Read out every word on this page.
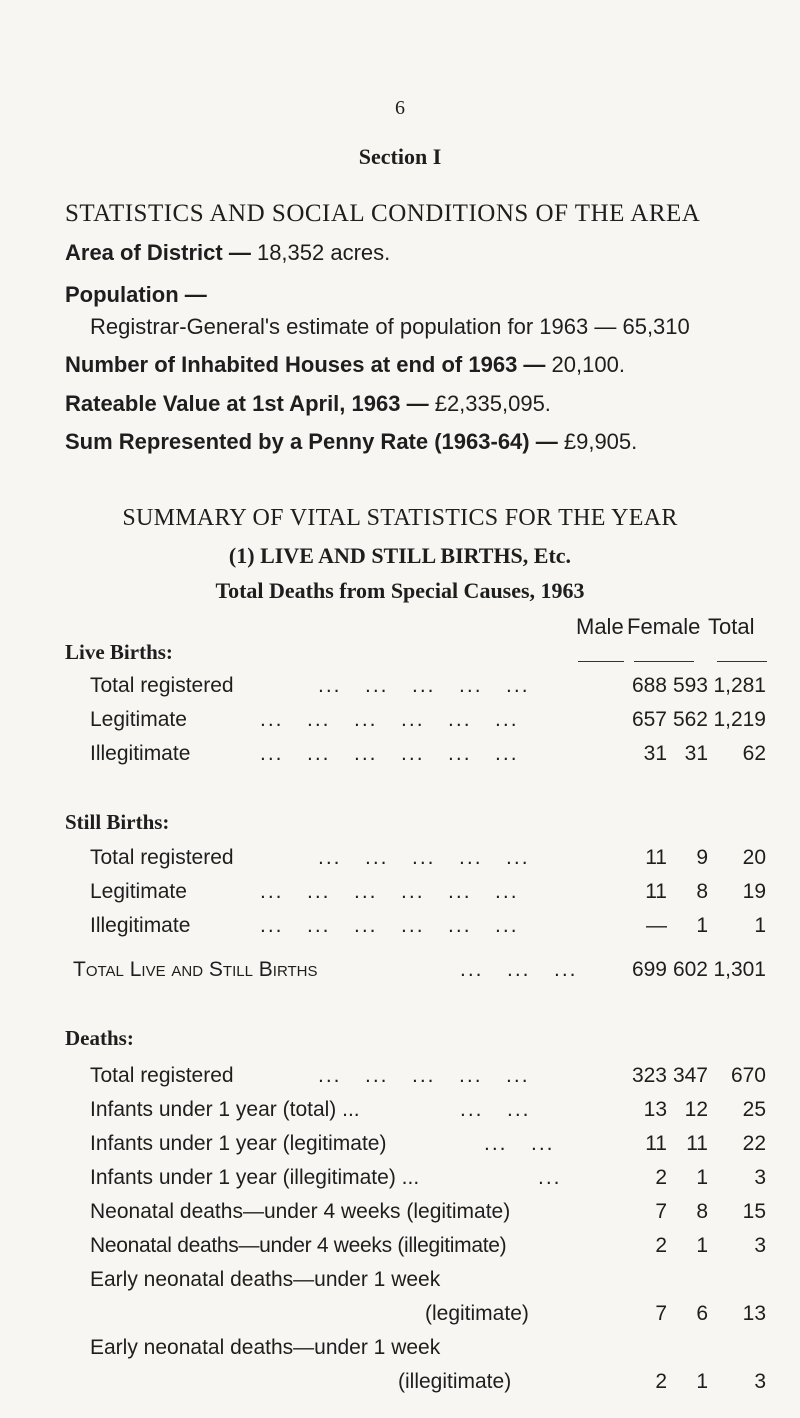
6
Section I
STATISTICS AND SOCIAL CONDITIONS OF THE AREA
Area of District — 18,352 acres.
Population —
Registrar-General's estimate of population for 1963 — 65,310
Number of Inhabited Houses at end of 1963 — 20,100.
Rateable Value at 1st April, 1963 — £2,335,095.
Sum Represented by a Penny Rate (1963-64) — £9,905.
SUMMARY OF VITAL STATISTICS FOR THE YEAR
(1) LIVE AND STILL BIRTHS, Etc.
Total Deaths from Special Causes, 1963
Male Female Total
Live Births:
Total registered	...   ...   ...   ...   ...	688 593 1,281
Legitimate	...   ...   ...   ...   ...   ...	657 562 1,219
Illegitimate	...   ...   ...   ...   ...   ...	31 31	62
Still Births:
Total registered	...   ...   ...   ...   ...	11	9	20
Legitimate	...   ...   ...   ...   ...   ...	11	8	19
Illegitimate	...   ...   ...   ...   ...   ...	—	1	1
Total Live and Still Births	...   ...   ...	699 602 1,301
Deaths:
Total registered	...   ...   ...   ...   ...	323 347	670
Infants under 1 year (total) ...	...   ...	13 12	25
Infants under 1 year (legitimate)	...   ...	11 11	22
Infants under 1 year (illegitimate) ...	...	2	1	3
Neonatal deaths—under 4 weeks (legitimate)	7	8	15
Neonatal deaths—under 4 weeks (illegitimate)	2	1	3
Early neonatal deaths—under 1 week
(legitimate)	7	6	13
Early neonatal deaths—under 1 week
(illegitimate)	2	1	3
